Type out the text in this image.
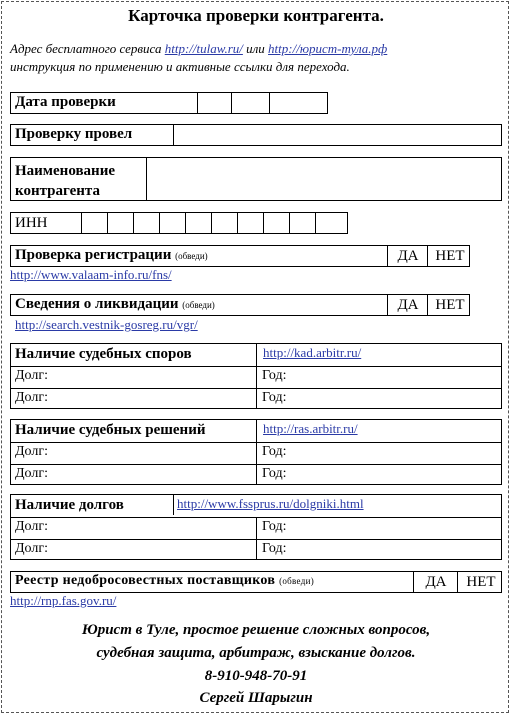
Карточка проверки контрагента.
Адрес бесплатного сервиса http://tulaw.ru/ или http://юрист-тула.рф
инструкция по применению и активные ссылки для перехода.
Дата проверки
Проверку провел
Наименование контрагента
ИНН
Проверка регистрации (обведи)	ДА	НЕТ
http://www.valaam-info.ru/fns/
Сведения о ликвидации (обведи)	ДА	НЕТ
http://search.vestnik-gosreg.ru/vgr/
Наличие судебных споров	http://kad.arbitr.ru/
Долг:	Год:
Долг:	Год:
Наличие судебных решений	http://ras.arbitr.ru/
Долг:	Год:
Долг:	Год:
Наличие долгов	http://www.fssprus.ru/dolgniki.html
Долг:	Год:
Долг:	Год:
Реестр недобросовестных поставщиков (обведи)	ДА	НЕТ
http://rnp.fas.gov.ru/
Юрист в Туле, простое решение сложных вопросов,
судебная защита, арбитраж, взыскание долгов.
8-910-948-70-91
Сергей Шарыгин
